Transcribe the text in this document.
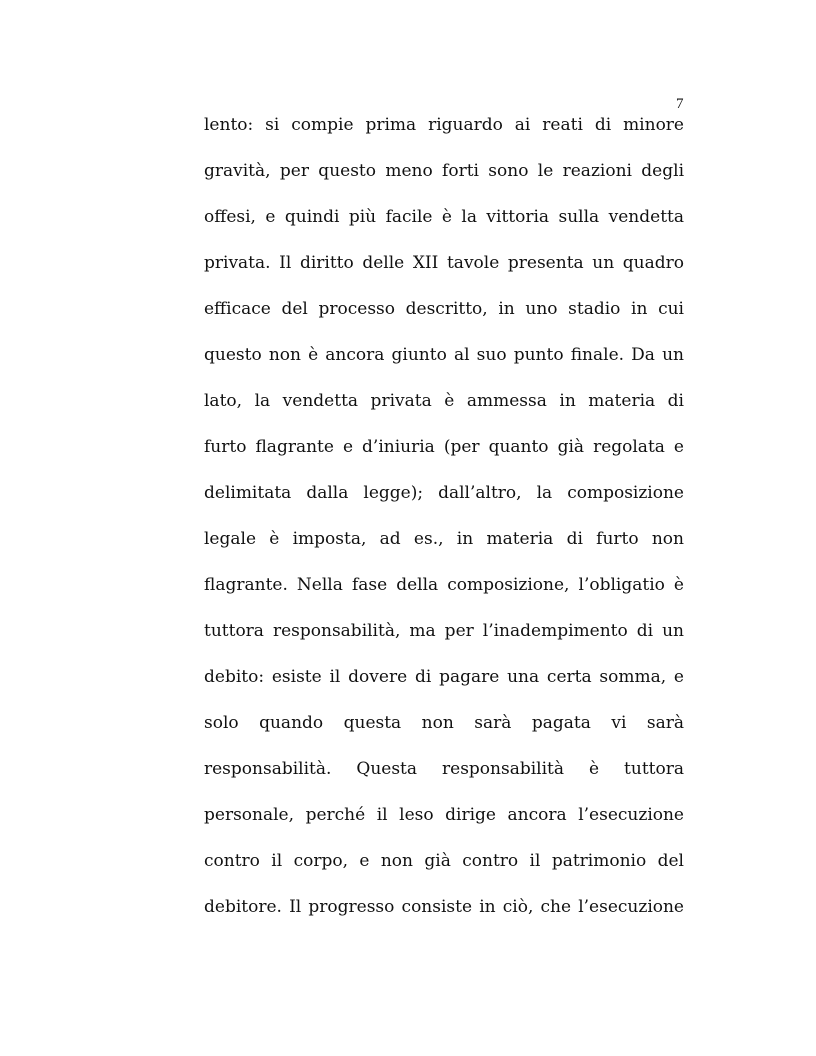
7
lento: si compie prima riguardo ai reati di minore
gravità, per questo meno forti sono le reazioni degli
offesi, e quindi più facile è la vittoria sulla vendetta
privata. Il diritto delle XII tavole presenta un quadro
efficace del processo descritto, in uno stadio in cui
questo non è ancora giunto al suo punto finale. Da un
lato, la vendetta privata è ammessa in materia di
furto flagrante e d’iniuria (per quanto già regolata e
delimitata dalla legge); dall’altro, la composizione
legale è imposta, ad es., in materia di furto non
flagrante. Nella fase della composizione, l’obligatio è
tuttora responsabilità, ma per l’inadempimento di un
debito: esiste il dovere di pagare una certa somma, e
solo quando questa non sarà pagata vi sarà
responsabilità. Questa responsabilità è tuttora
personale, perché il leso dirige ancora l’esecuzione
contro il corpo, e non già contro il patrimonio del
debitore. Il progresso consiste in ciò, che l’esecuzione
